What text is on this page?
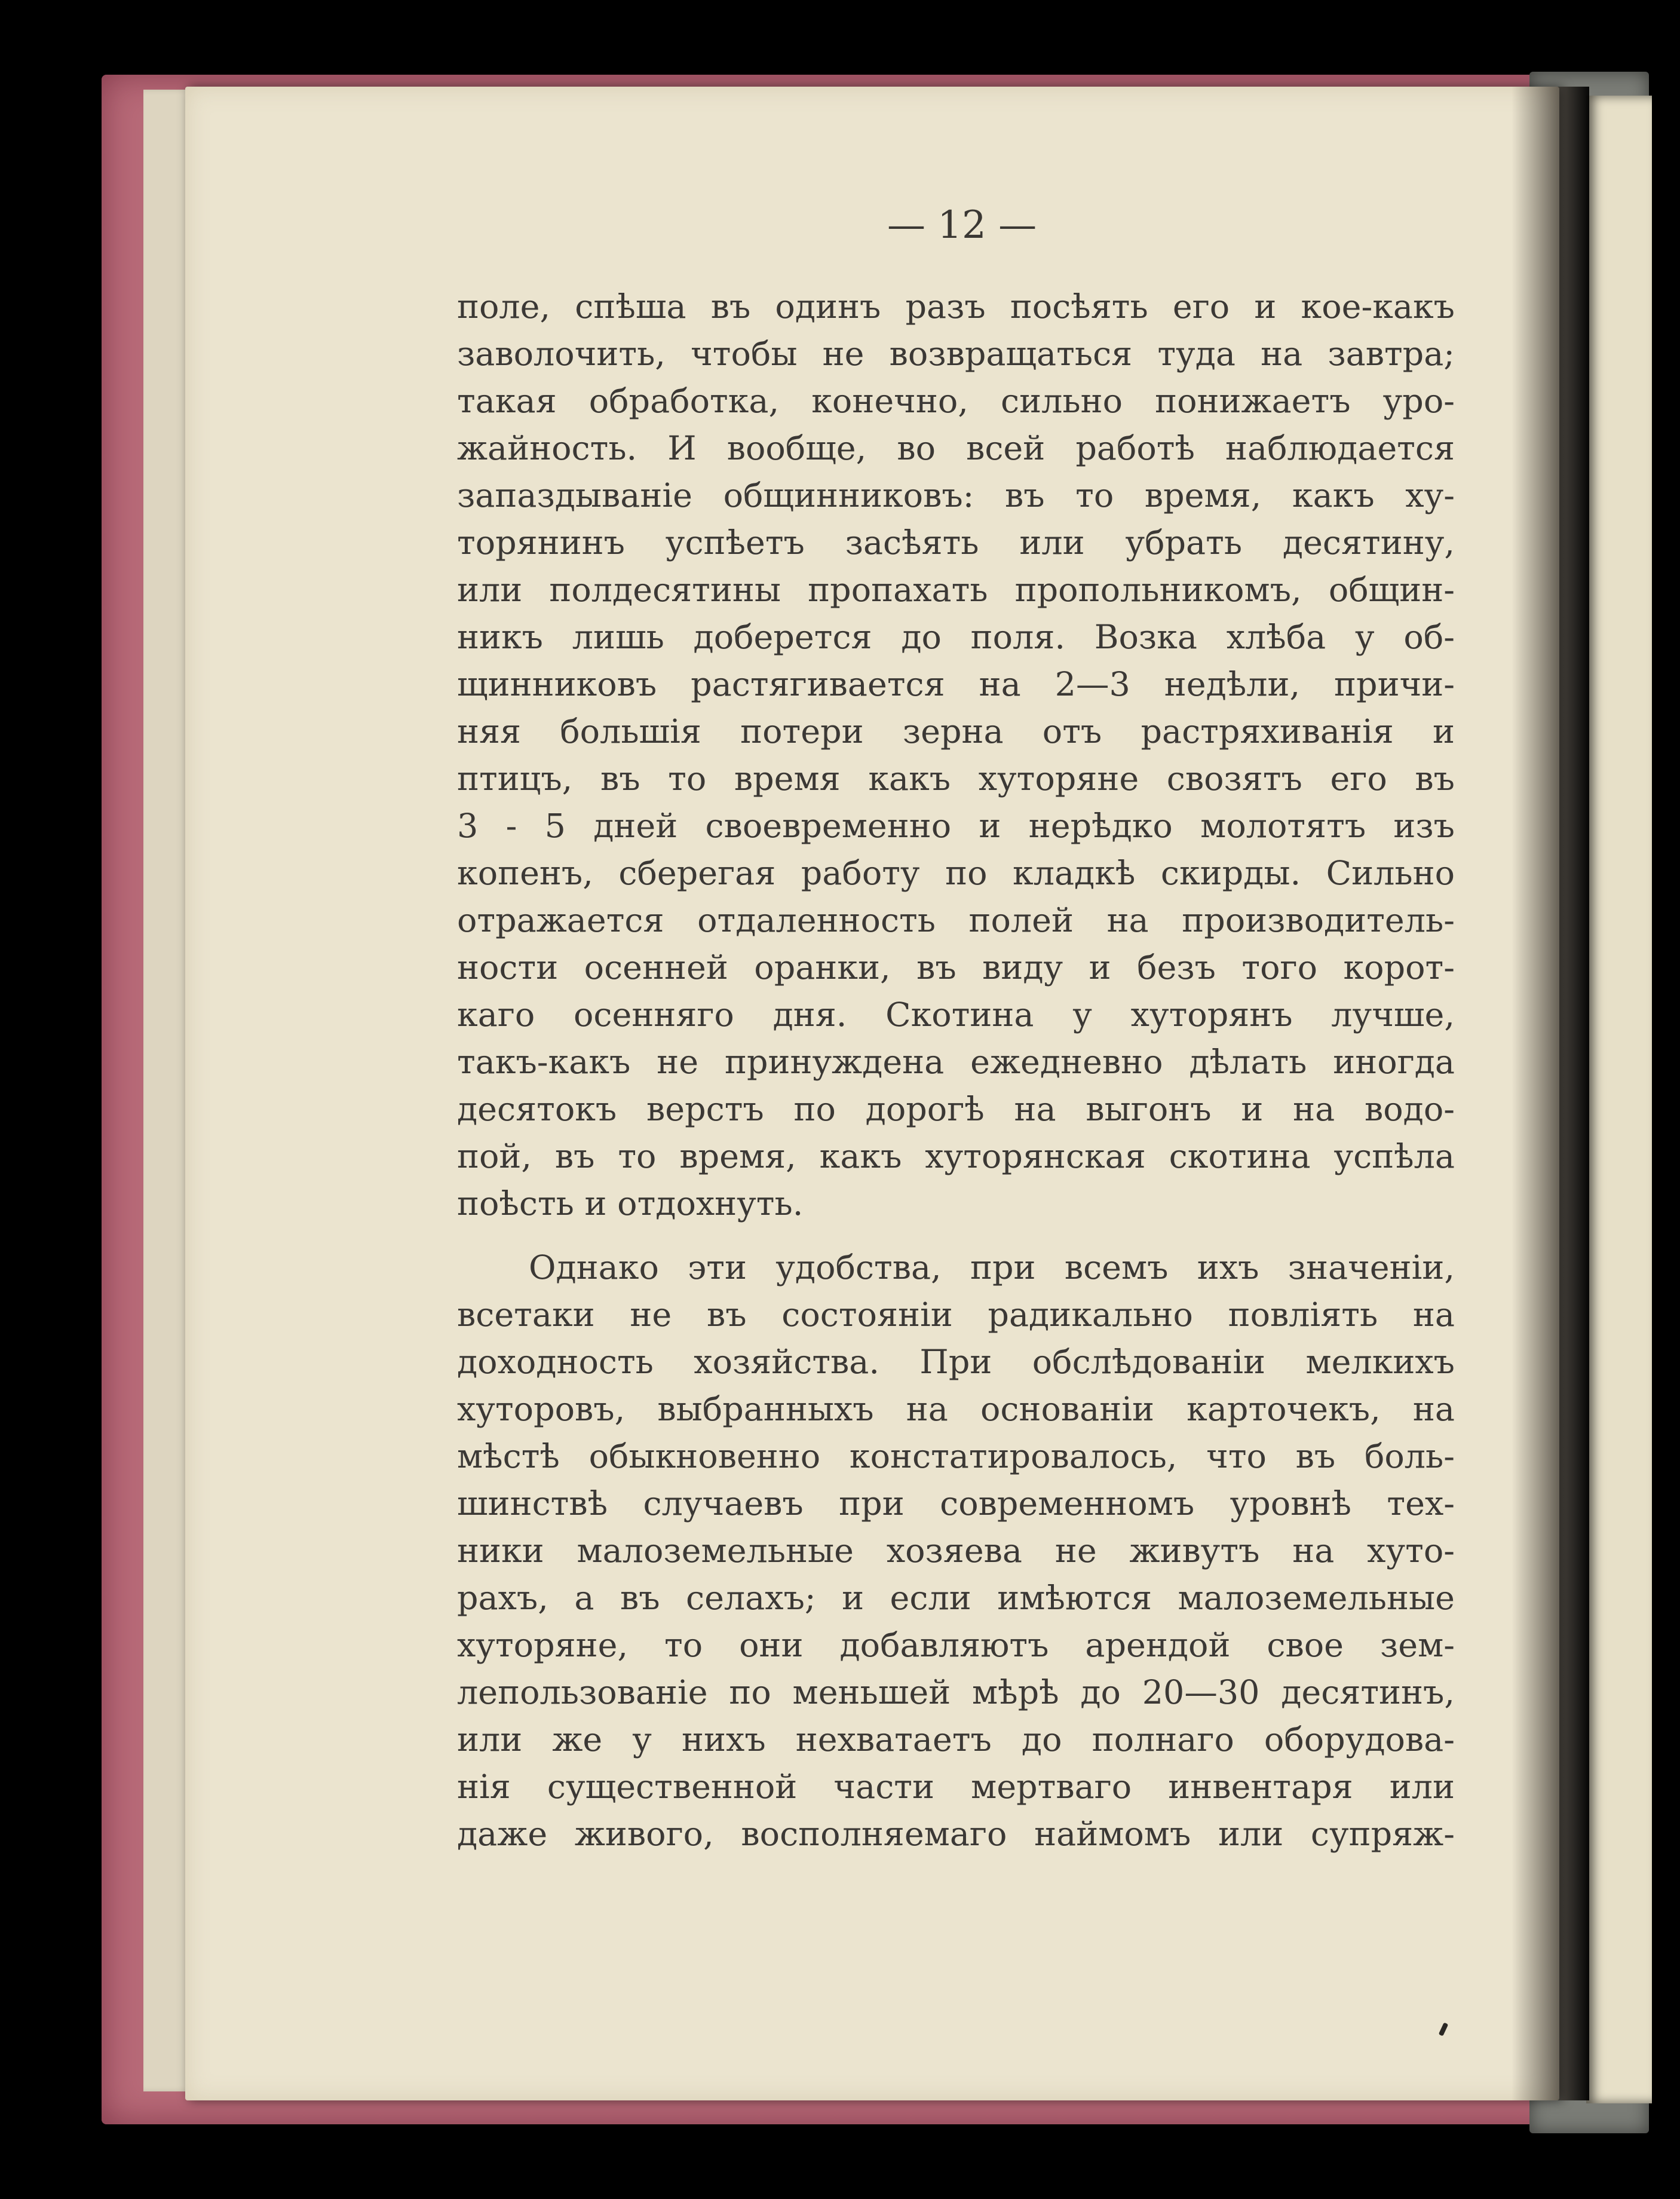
— 12 —
поле, спѣша въ одинъ разъ посѣять его и кое-какъ
заволочить, чтобы не возвращаться туда на завтра;
такая обработка, конечно, сильно понижаетъ уро-
жайность. И вообще, во всей работѣ наблюдается
запаздываніе общинниковъ: въ то время, какъ ху-
торянинъ успѣетъ засѣять или убрать десятину,
или полдесятины пропахать пропольникомъ, общин-
никъ лишь доберется до поля. Возка хлѣба у об-
щинниковъ растягивается на 2—3 недѣли, причи-
няя большія потери зерна отъ растряхиванія и
птицъ, въ то время какъ хуторяне свозятъ его въ
3 - 5 дней своевременно и нерѣдко молотятъ изъ
копенъ, сберегая работу по кладкѣ скирды. Сильно
отражается отдаленность полей на производитель-
ности осенней оранки, въ виду и безъ того корот-
каго осенняго дня. Скотина у хуторянъ лучше,
такъ-какъ не принуждена ежедневно дѣлать иногда
десятокъ верстъ по дорогѣ на выгонъ и на водо-
пой, въ то время, какъ хуторянская скотина успѣла
поѣсть и отдохнуть.
Однако эти удобства, при всемъ ихъ значеніи,
всетаки не въ состояніи радикально повліять на
доходность хозяйства. При обслѣдованіи мелкихъ
хуторовъ, выбранныхъ на основаніи карточекъ, на
мѣстѣ обыкновенно констатировалось, что въ боль-
шинствѣ случаевъ при современномъ уровнѣ тех-
ники малоземельные хозяева не живутъ на хуто-
рахъ, а въ селахъ; и если имѣются малоземельные
хуторяне, то они добавляютъ арендой свое зем-
лепользованіе по меньшей мѣрѣ до 20—30 десятинъ,
или же у нихъ нехватаетъ до полнаго оборудова-
нія существенной части мертваго инвентаря или
даже живого, восполняемаго наймомъ или супряж-
